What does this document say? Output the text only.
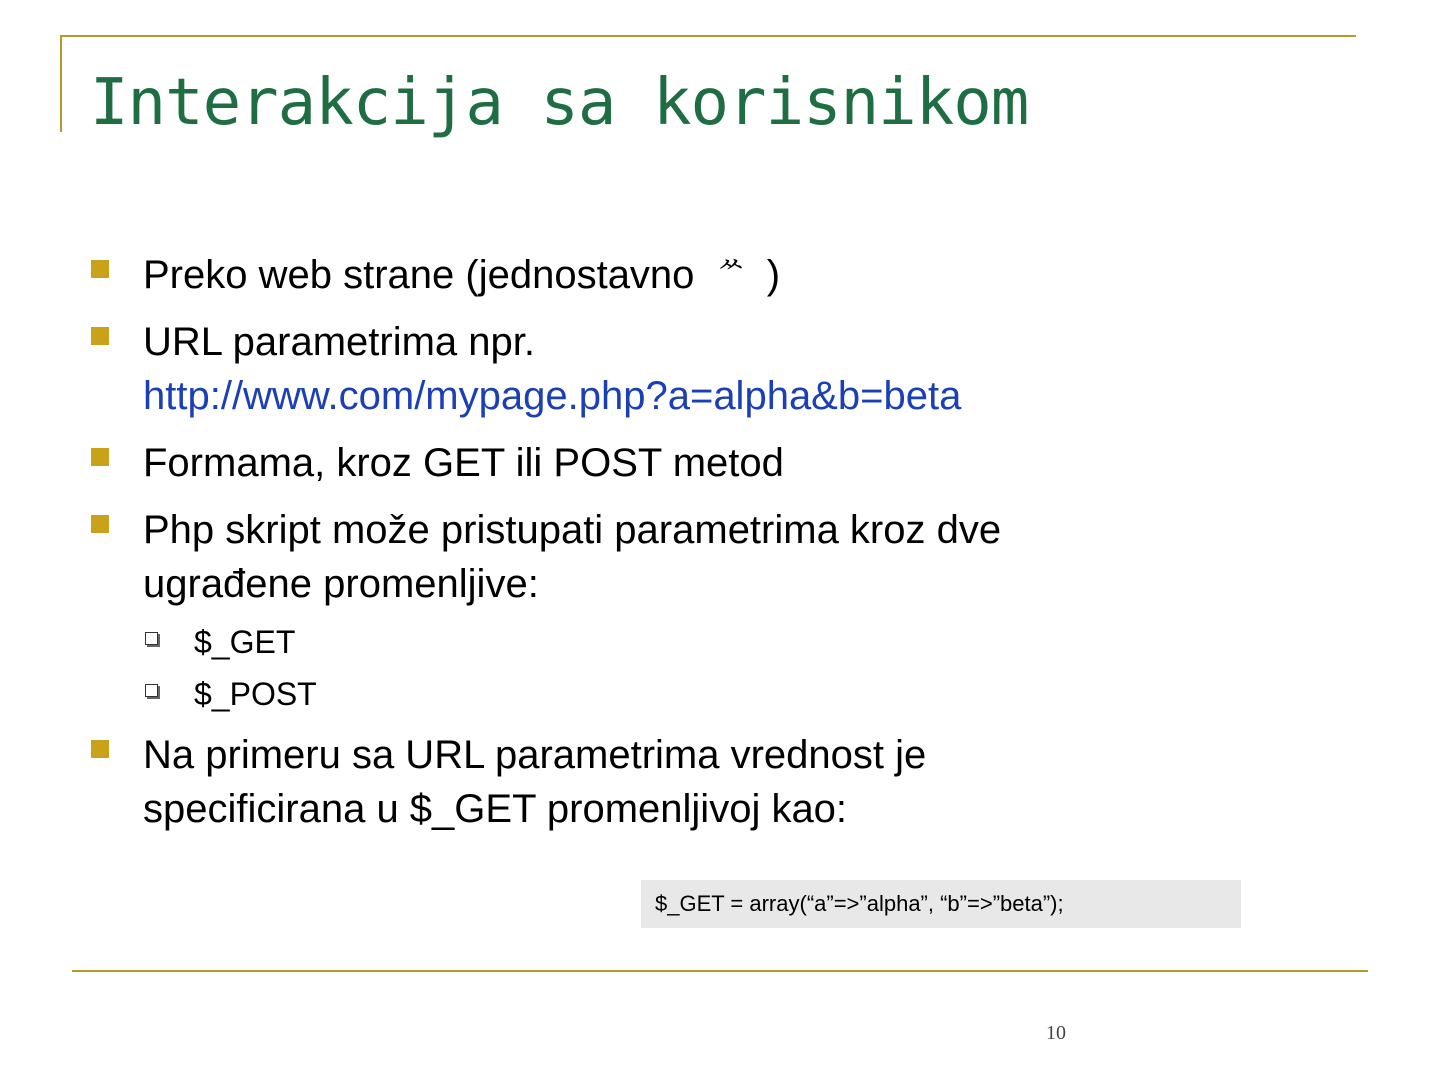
Interakcija sa korisnikom
Preko web strane (jednostavno ᄊ )
URL parametrima npr.
http://www.com/mypage.php?a=alpha&b=beta
Formama, kroz GET ili POST metod
Php skript može pristupati parametrima kroz dve
ugrađene promenljive:
$_GET
$_POST
Na primeru sa URL parametrima vrednost je
specificirana u $_GET promenljivoj kao:
$_GET = array(“a”=>”alpha”, “b”=>”beta”);
10
